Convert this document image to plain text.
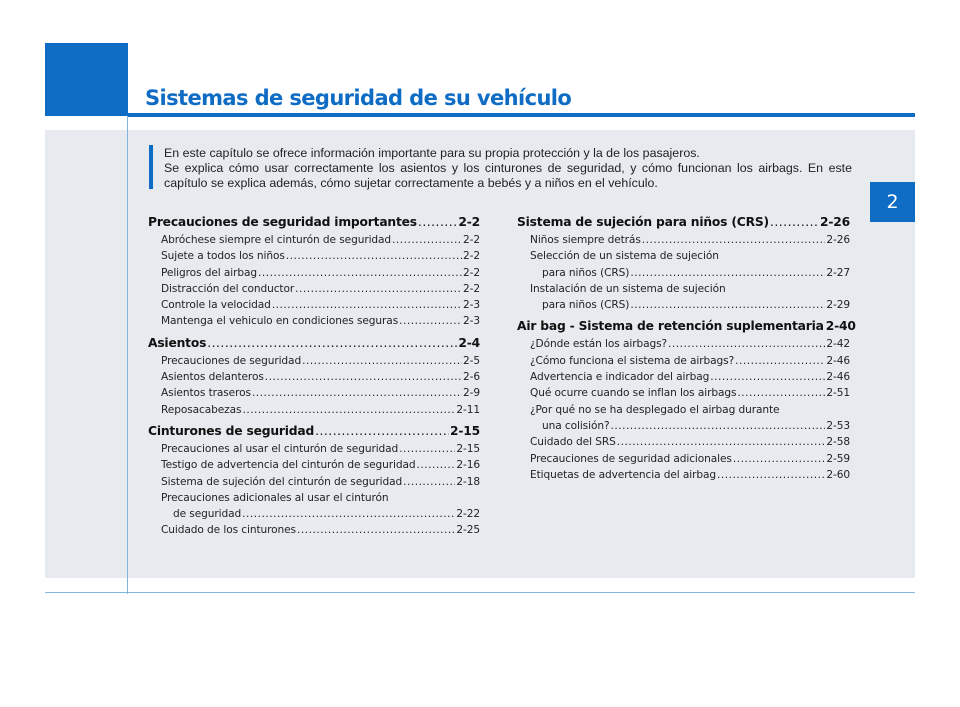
Sistemas de seguridad de su vehículo
2

En este capítulo se ofrece información importante para su propia protección y la de los pasajeros.

Se explica cómo usar correctamente los asientos y los cinturones de seguridad, y cómo funcionan los airbags. En este capítulo se explica además, cómo sujetar correctamente a bebés y a niños en el vehículo.

Precauciones de seguridad importantes .....	2-2
Abróchese siempre el cinturón de seguridad .....	2-2
Sujete a todos los niños .....	2-2
Peligros del airbag .....	2-2
Distracción del conductor .....	2-2
Controle la velocidad .....	2-3
Mantenga el vehiculo en condiciones seguras .....	2-3
Asientos .....	2-4
Precauciones de seguridad .....	2-5
Asientos delanteros .....	2-6
Asientos traseros .....	2-9
Reposacabezas .....	2-11
Cinturones de seguridad .....	2-15
Precauciones al usar el cinturón de seguridad .....	2-15
Testigo de advertencia del cinturón de seguridad .....	2-16
Sistema de sujeción del cinturón de seguridad .....	2-18
Precauciones adicionales al usar el cinturón
de seguridad .....	2-22
Cuidado de los cinturones .....	2-25
Sistema de sujeción para niños (CRS) .....	2-26
Niños siempre detrás .....	2-26
Selección de un sistema de sujeción
para niños (CRS) .....	2-27
Instalación de un sistema de sujeción
para niños (CRS) .....	2-29
Air bag - Sistema de retención suplementaria 2-40
¿Dónde están los airbags? .....	2-42
¿Cómo funciona el sistema de airbags? .....	2-46
Advertencia e indicador del airbag .....	2-46
Qué ocurre cuando se inflan los airbags .....	2-51
¿Por qué no se ha desplegado el airbag durante
una colisión? .....	2-53
Cuidado del SRS .....	2-58
Precauciones de seguridad adicionales .....	2-59
Etiquetas de advertencia del airbag .....	2-60
